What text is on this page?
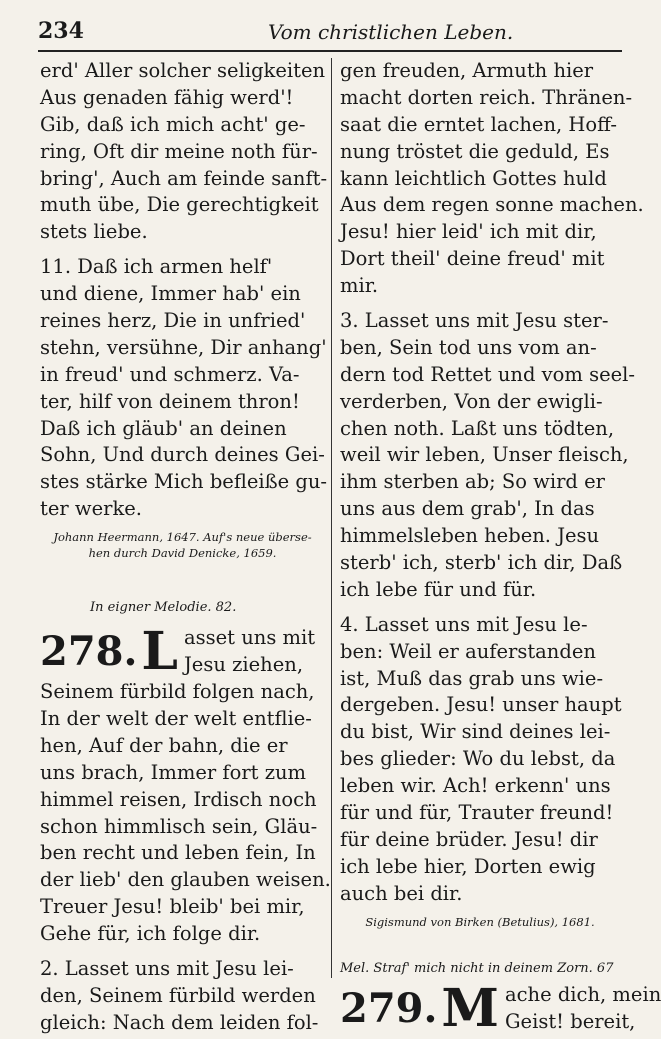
234	Vom christlichen Leben.
erd' Aller solcher seligkeiten
Aus genaden fähig werd'!
Gib, daß ich mich acht' ge-
ring, Oft dir meine noth für-
bring', Auch am feinde sanft-
muth übe, Die gerechtigkeit
stets liebe.
11. Daß ich armen helf'
und diene, Immer hab' ein
reines herz, Die in unfried'
stehn, versühne, Dir anhang'
in freud' und schmerz. Va-
ter, hilf von deinem thron!
Daß ich gläub' an deinen
Sohn, Und durch deines Gei-
stes stärke Mich befleiße gu-
ter werke.
Johann Heermann, 1647. Auf's neue überse-
hen durch David Denicke, 1659.
In eigner Melodie. 82.
278. L asset uns mit
Jesu ziehen,
Seinem fürbild folgen nach,
In der welt der welt entflie-
hen, Auf der bahn, die er
uns brach, Immer fort zum
himmel reisen, Irdisch noch
schon himmlisch sein, Gläu-
ben recht und leben fein, In
der lieb' den glauben weisen.
Treuer Jesu! bleib' bei mir,
Gehe für, ich folge dir.
2. Lasset uns mit Jesu lei-
den, Seinem fürbild werden
gleich: Nach dem leiden fol-
gen freuden, Armuth hier
macht dorten reich. Thränen-
saat die erntet lachen, Hoff-
nung tröstet die geduld, Es
kann leichtlich Gottes huld
Aus dem regen sonne machen.
Jesu! hier leid' ich mit dir,
Dort theil' deine freud' mit
mir.
3. Lasset uns mit Jesu ster-
ben, Sein tod uns vom an-
dern tod Rettet und vom seel-
verderben, Von der ewigli-
chen noth. Laßt uns tödten,
weil wir leben, Unser fleisch,
ihm sterben ab; So wird er
uns aus dem grab', In das
himmelsleben heben. Jesu
sterb' ich, sterb' ich dir, Daß
ich lebe für und für.
4. Lasset uns mit Jesu le-
ben: Weil er auferstanden
ist, Muß das grab uns wie-
dergeben. Jesu! unser haupt
du bist, Wir sind deines lei-
bes glieder: Wo du lebst, da
leben wir. Ach! erkenn' uns
für und für, Trauter freund!
für deine brüder. Jesu! dir
ich lebe hier, Dorten ewig
auch bei dir.
Sigismund von Birken (Betulius), 1681.
Mel. Straf' mich nicht in deinem Zorn. 67
279. M ache dich, mein
Geist! bereit,
